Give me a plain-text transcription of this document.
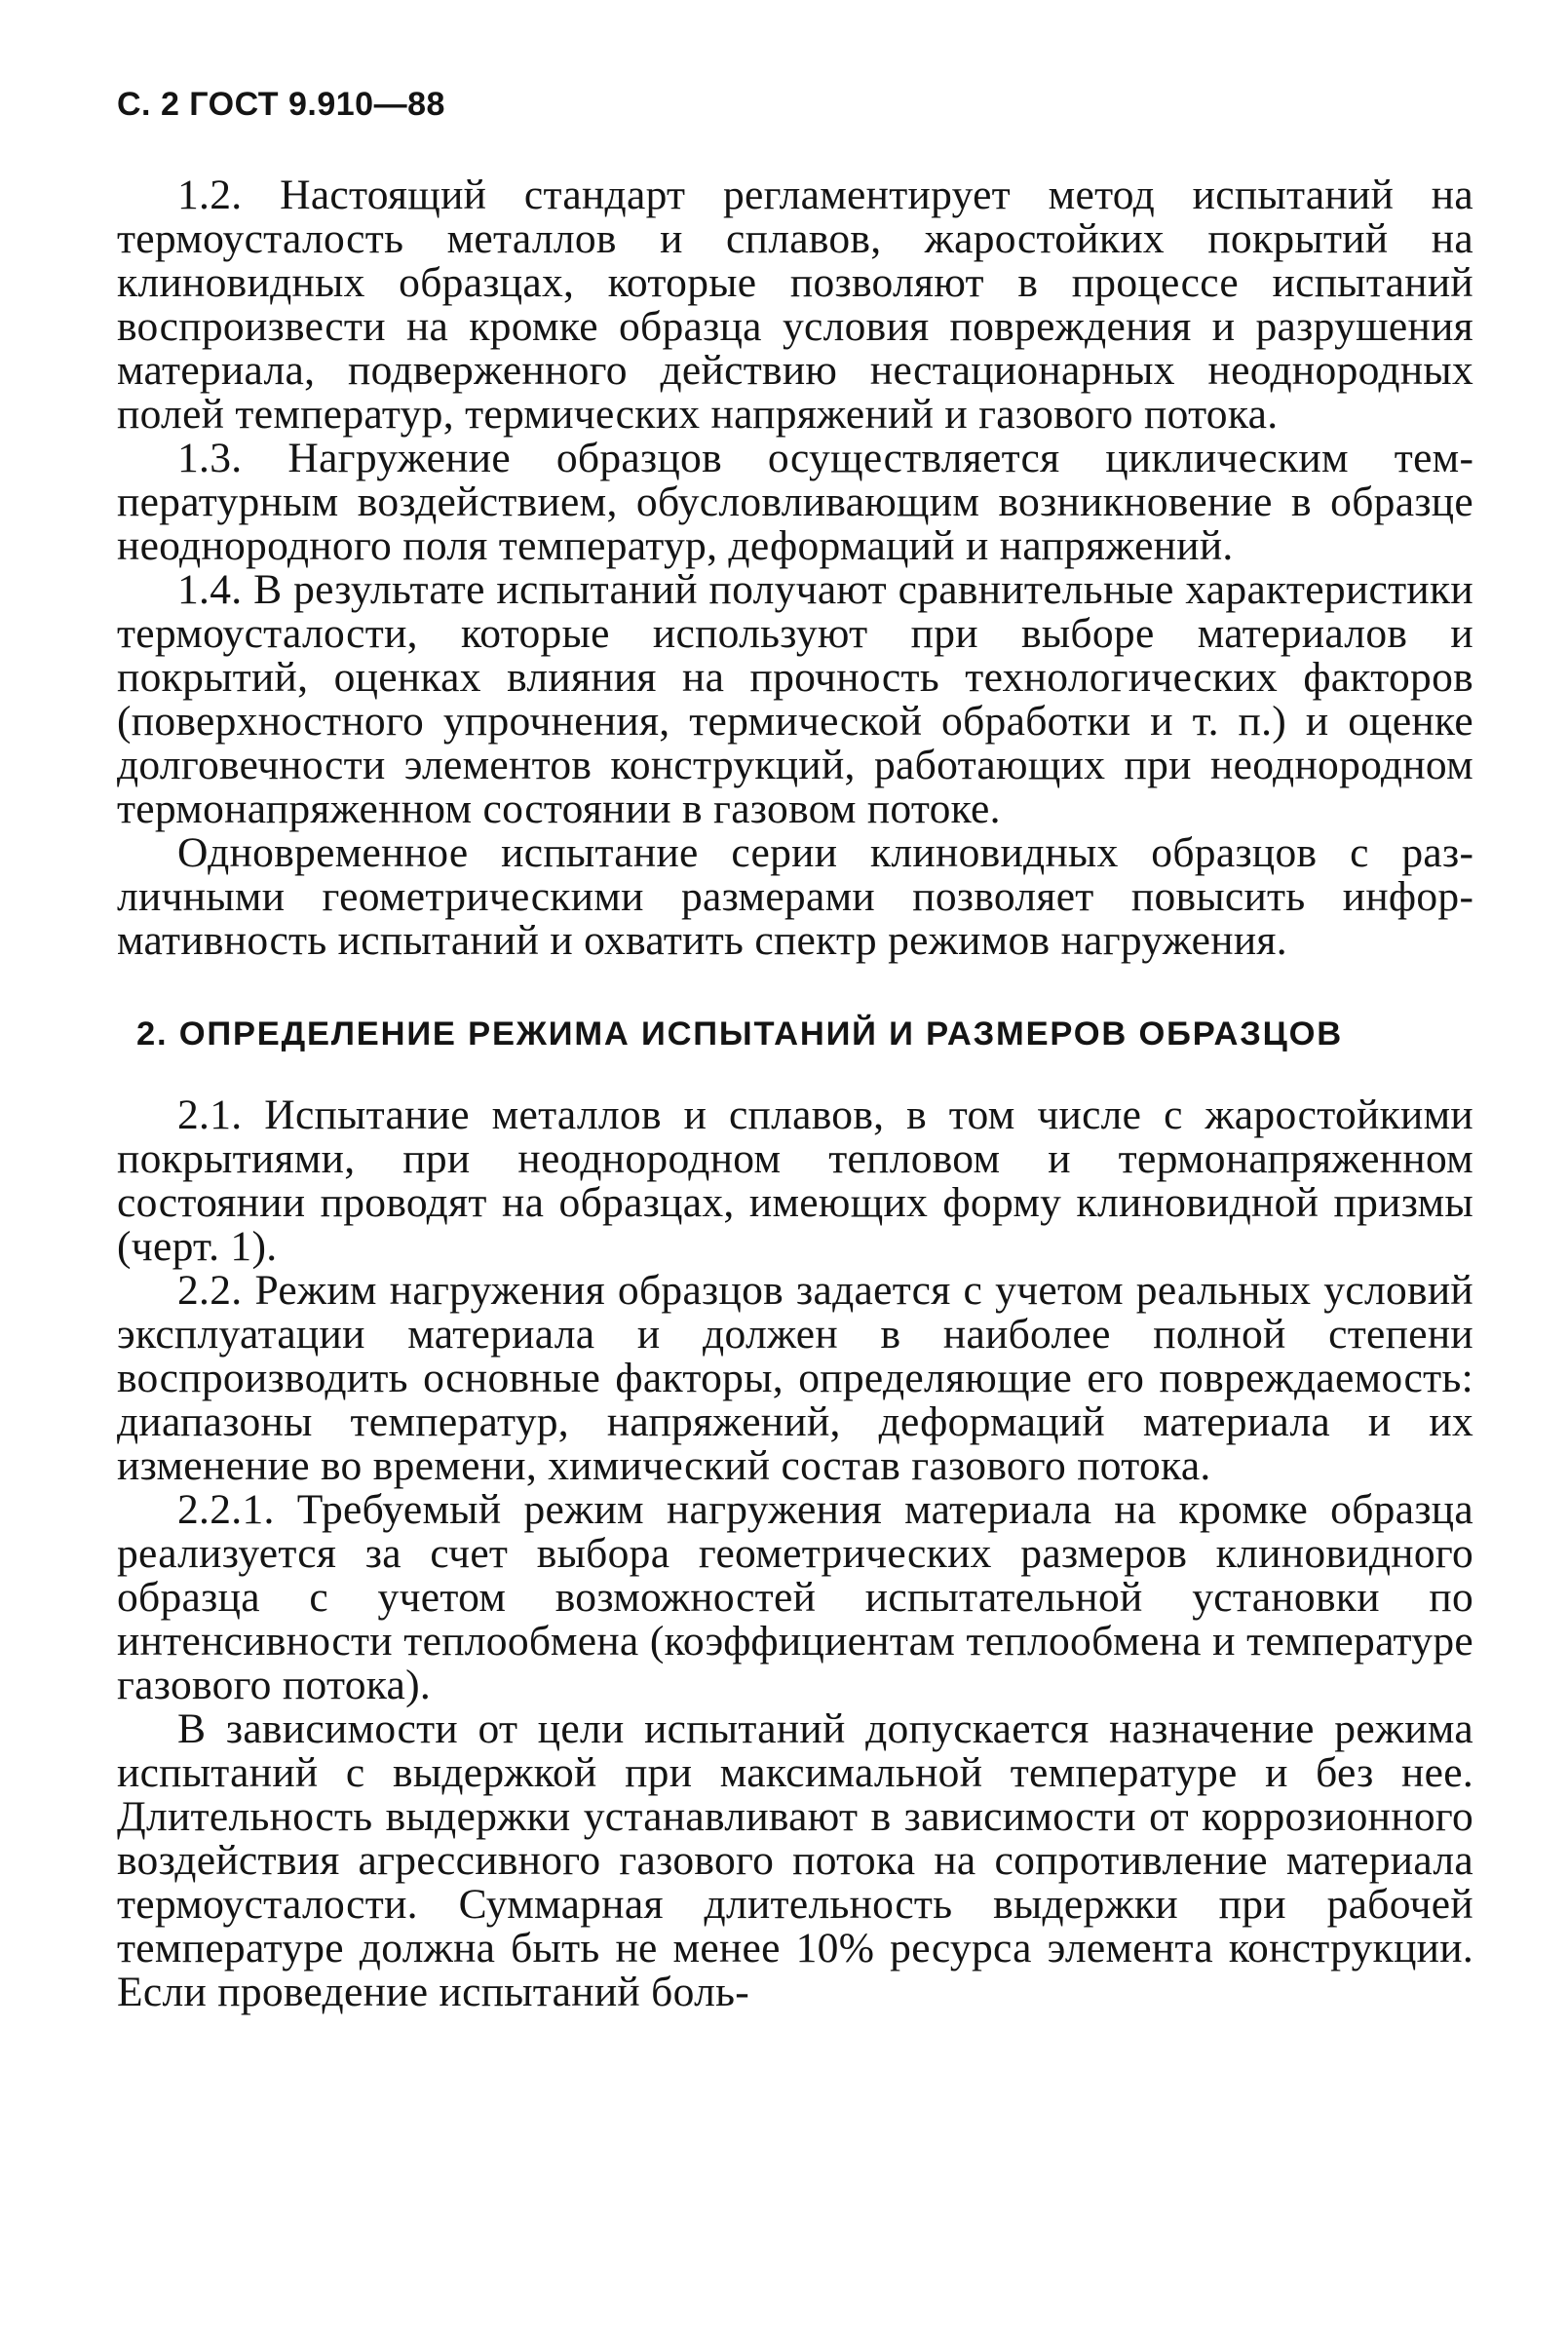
С. 2 ГОСТ 9.910—88

1.2. Настоящий стандарт регламентирует метод испытаний на термоусталость металлов и сплавов, жаростойких покрытий на клиновидных образцах, которые позволяют в процессе испытаний воспроизвести на кромке образца условия повреждения и разрушения материала, подверженного действию нестационарных неоднородных полей температур, термических напряжений и газового потока.

1.3. Нагружение образцов осуществляется циклическим температурным воздействием, обусловливающим возникновение в образце неоднородного поля температур, деформаций и напряжений.

1.4. В результате испытаний получают сравнительные характеристики термоусталости, которые используют при выборе материалов и покрытий, оценках влияния на прочность технологических факторов (поверхностного упрочнения, термической обработки и т. п.) и оценке долговечности элементов конструкций, работающих при неоднородном термонапряженном состоянии в газовом потоке.

Одновременное испытание серии клиновидных образцов с различными геометрическими размерами позволяет повысить информативность испытаний и охватить спектр режимов нагружения.

2. ОПРЕДЕЛЕНИЕ РЕЖИМА ИСПЫТАНИЙ И РАЗМЕРОВ ОБРАЗЦОВ

2.1. Испытание металлов и сплавов, в том числе с жаростойкими покрытиями, при неоднородном тепловом и термонапряженном состоянии проводят на образцах, имеющих форму клиновидной призмы (черт. 1).

2.2. Режим нагружения образцов задается с учетом реальных условий эксплуатации материала и должен в наиболее полной степени воспроизводить основные факторы, определяющие его повреждаемость: диапазоны температур, напряжений, деформаций материала и их изменение во времени, химический состав газового потока.

2.2.1. Требуемый режим нагружения материала на кромке образца реализуется за счет выбора геометрических размеров клиновидного образца с учетом возможностей испытательной установки по интенсивности теплообмена (коэффициентам теплообмена и температуре газового потока).

В зависимости от цели испытаний допускается назначение режима испытаний с выдержкой при максимальной температуре и без нее. Длительность выдержки устанавливают в зависимости от коррозионного воздействия агрессивного газового потока на сопротивление материала термоусталости. Суммарная длительность выдержки при рабочей температуре должна быть не менее 10% ресурса элемента конструкции. Если проведение испытаний боль-
